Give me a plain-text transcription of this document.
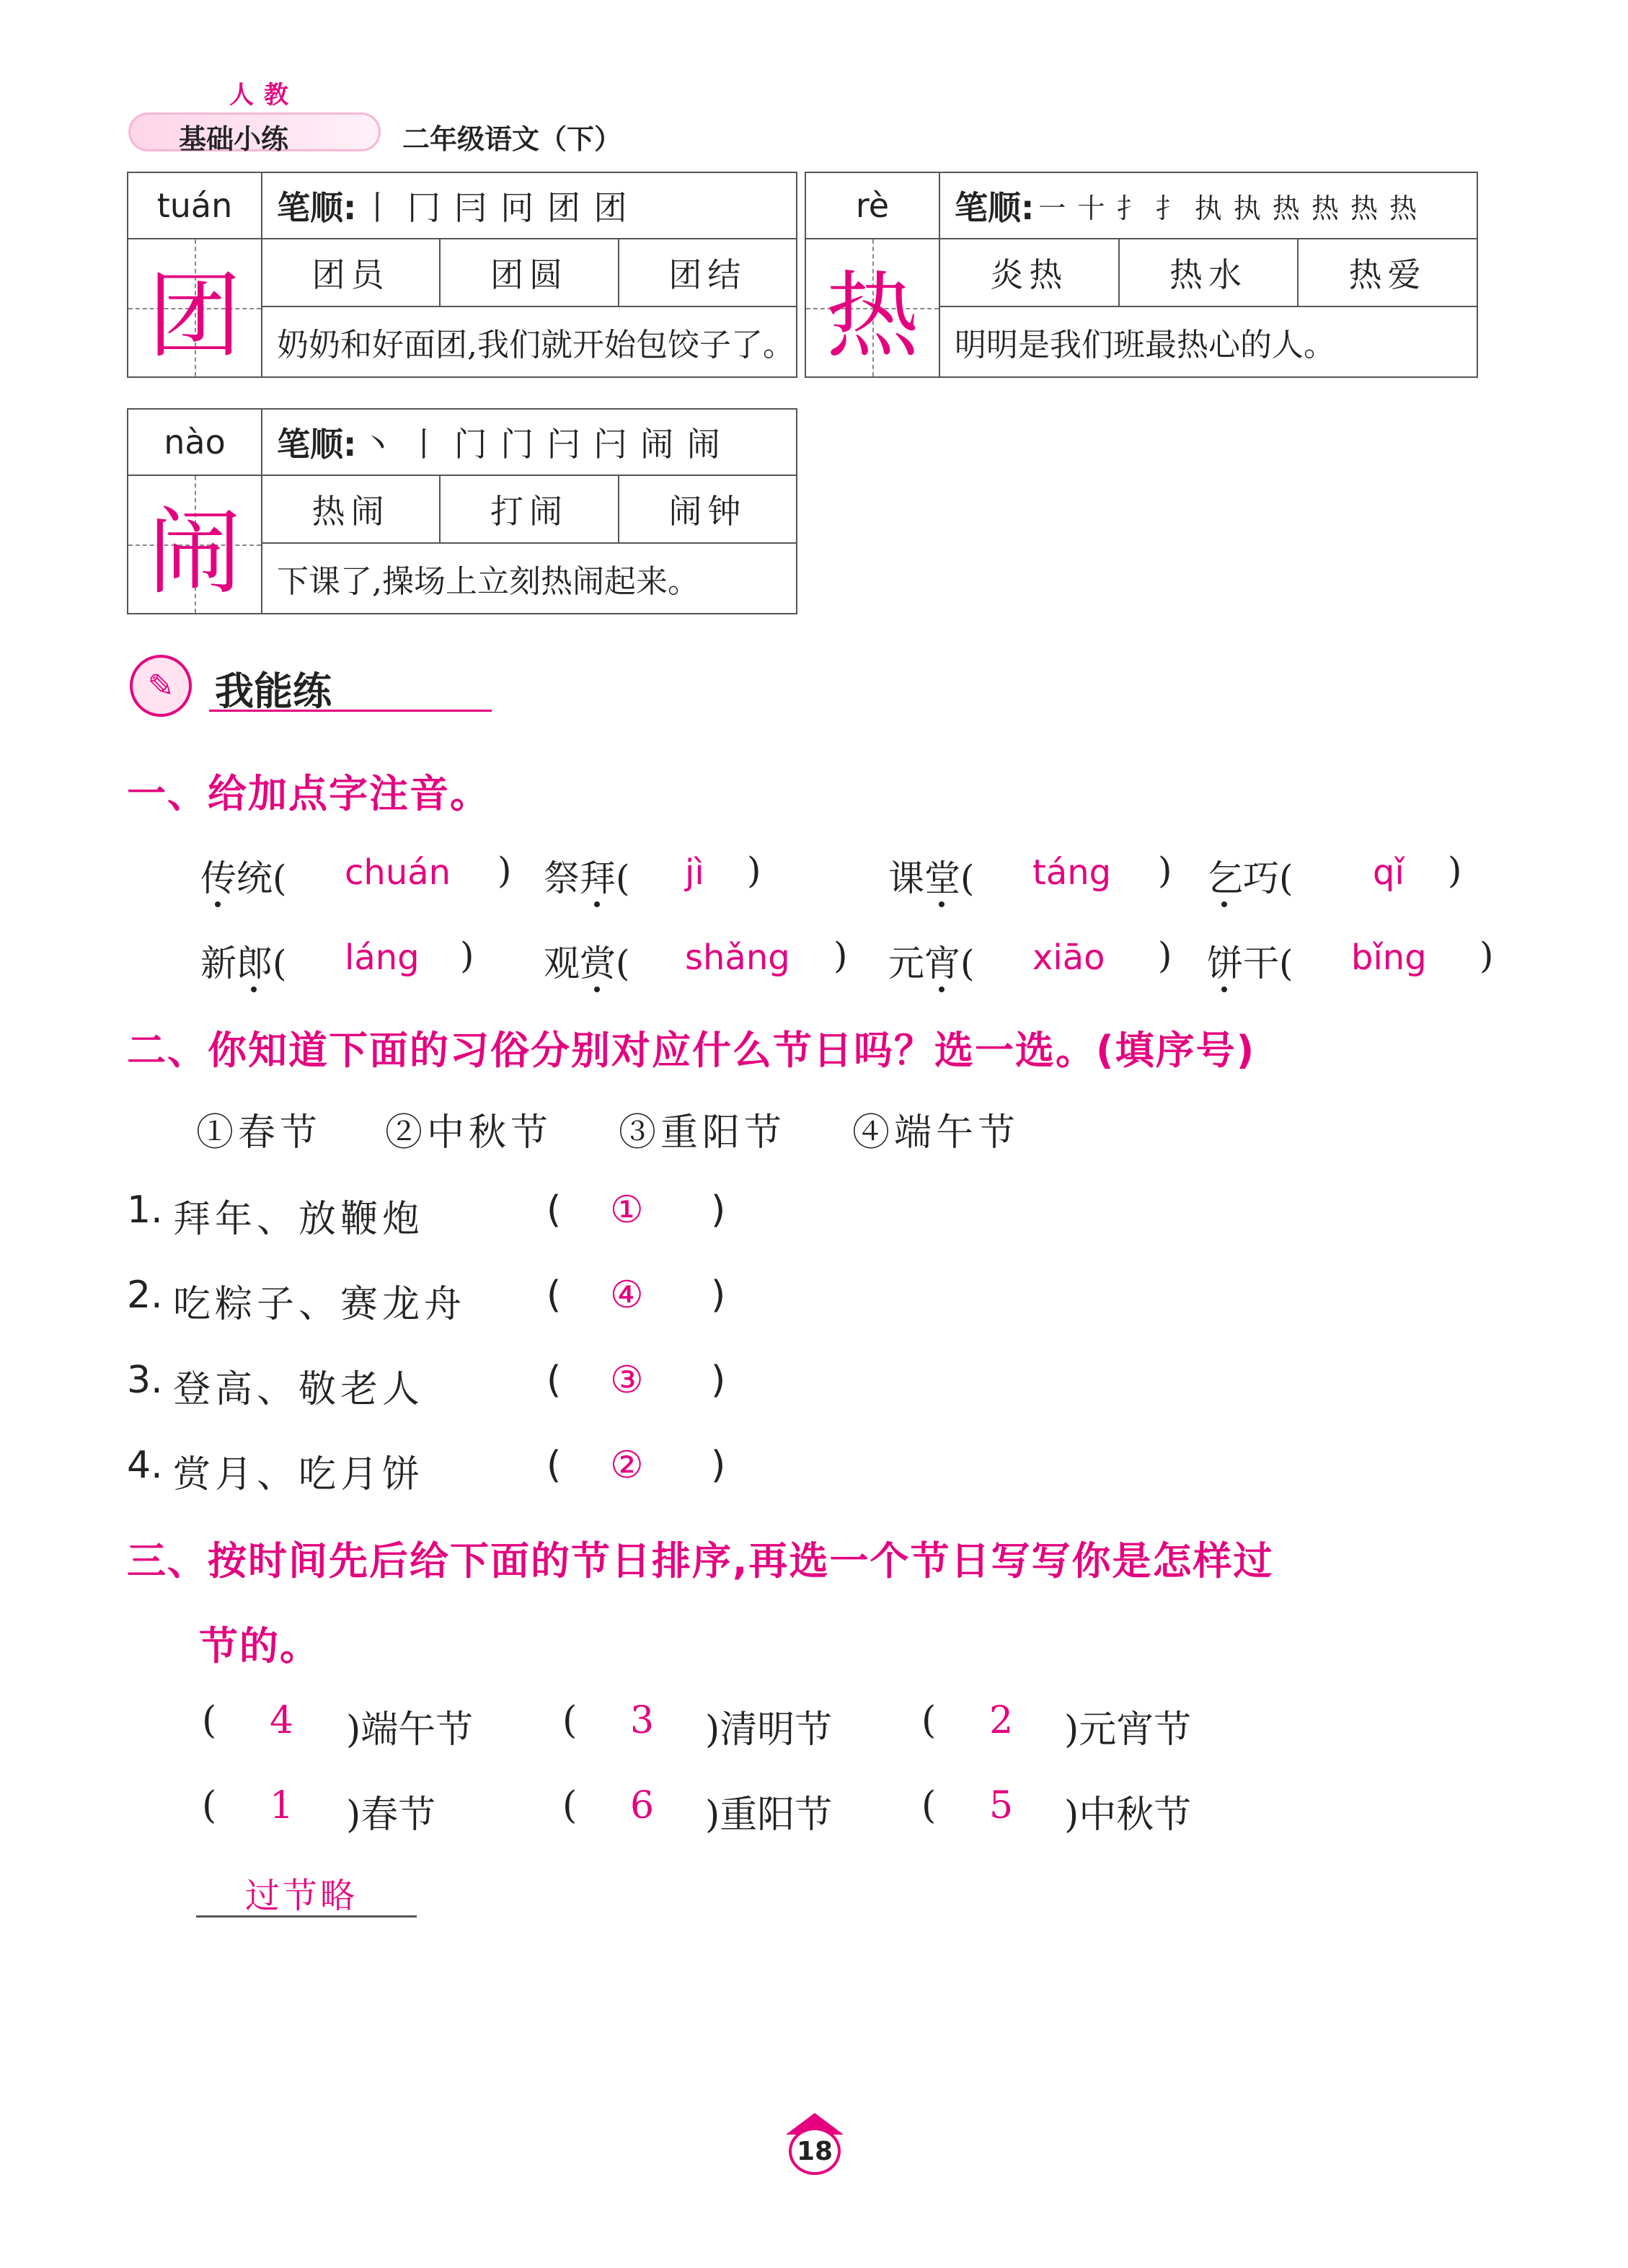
人教
基础小练	二年级语文（下）
tuán
团
笔顺: 丨 冂 冃 冋 团 团
团员	团圆	团结
奶奶和好面团,我们就开始包饺子了。
rè
热
笔顺: 一 十 扌 扌 执 执 热 热 热 热
炎热	热水	热爱
明明是我们班最热心的人。
nào
闹
笔顺: 丶 丨 门 门 闩 闩 闹 闹
热闹	打闹	闹钟
下课了,操场上立刻热闹起来。
✎	我能练
一、给加点字注音。
传统( chuán ) 祭拜( jì )	课堂( táng ) 乞巧( qǐ )
新郎( láng ) 观赏( shǎng ) 元宵( xiāo ) 饼干( bǐng )
二、你知道下面的习俗分别对应什么节日吗？选一选。(填序号)
①春节 ②中秋节 ③重阳节 ④端午节
1. 拜年、放鞭炮	( ① )
2. 吃粽子、赛龙舟 ( ④ )
3. 登高、敬老人	( ③ )
4. 赏月、吃月饼	( ② )
三、按时间先后给下面的节日排序,再选一个节日写写你是怎样过
节的。
( 4 )端午节 ( 3 )清明节 ( 2 )元宵节
( 1 )春节	( 6 )重阳节 ( 5 )中秋节
过节略
18
